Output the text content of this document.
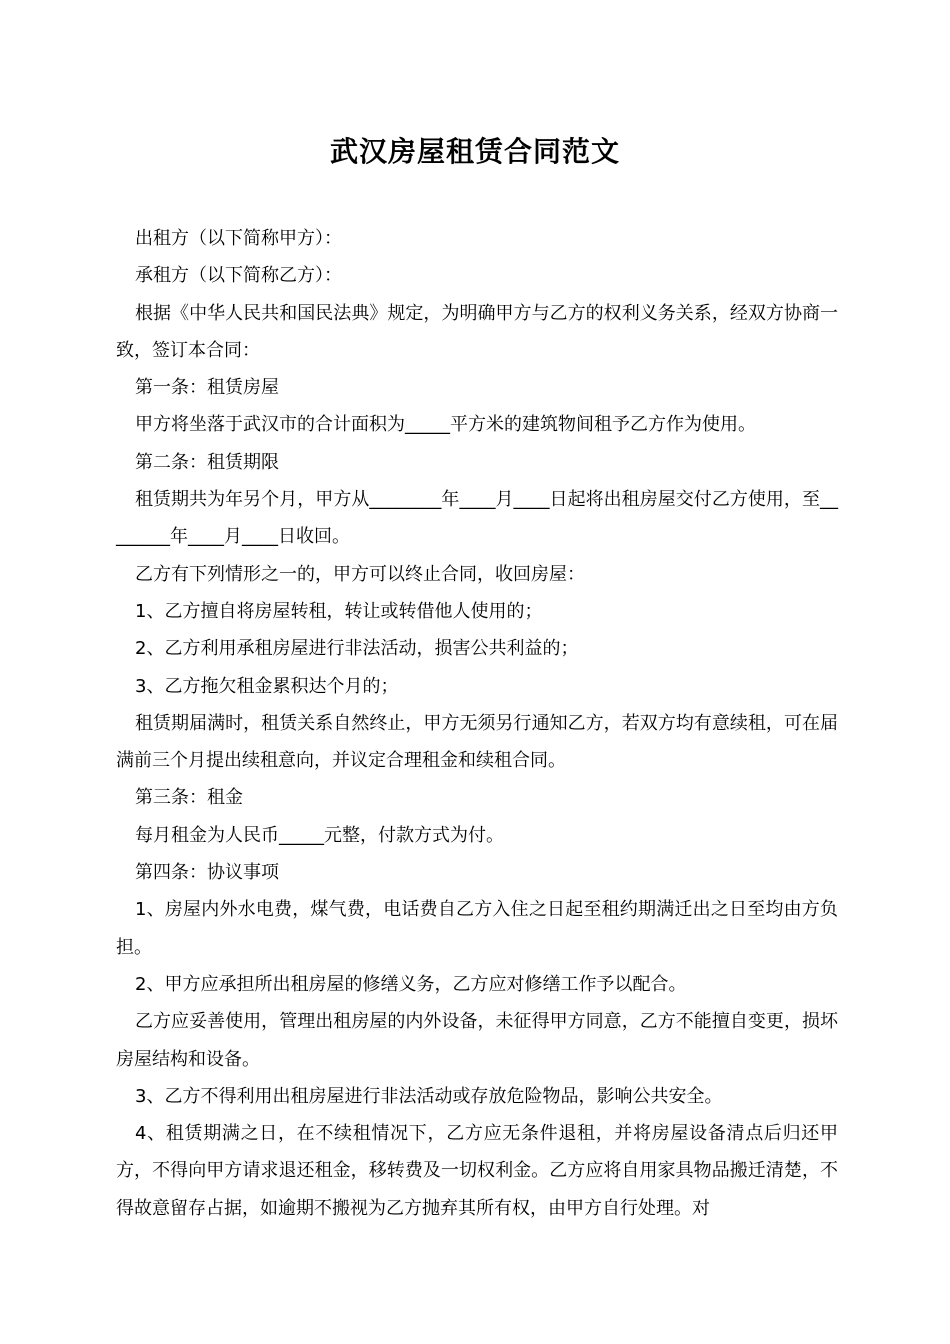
武汉房屋租赁合同范文

出租方（以下简称甲方）：

承租方（以下简称乙方）：

根据《中华人民共和国民法典》规定，为明确甲方与乙方的权利义务关系，经双方协商一致，签订本合同：

第一条：租赁房屋

甲方将坐落于武汉市的合计面积为_____平方米的建筑物间租予乙方作为使用。

第二条：租赁期限

租赁期共为年另个月，甲方从________年____月____日起将出租房屋交付乙方使用，至________年____月____日收回。

乙方有下列情形之一的，甲方可以终止合同，收回房屋：

1、乙方擅自将房屋转租，转让或转借他人使用的；

2、乙方利用承租房屋进行非法活动，损害公共利益的；

3、乙方拖欠租金累积达个月的；

租赁期届满时，租赁关系自然终止，甲方无须另行通知乙方，若双方均有意续租，可在届满前三个月提出续租意向，并议定合理租金和续租合同。

第三条：租金

每月租金为人民币_____元整，付款方式为付。

第四条：协议事项

1、房屋内外水电费，煤气费，电话费自乙方入住之日起至租约期满迁出之日至均由方负担。

2、甲方应承担所出租房屋的修缮义务，乙方应对修缮工作予以配合。

乙方应妥善使用，管理出租房屋的内外设备，未征得甲方同意，乙方不能擅自变更，损坏房屋结构和设备。

3、乙方不得利用出租房屋进行非法活动或存放危险物品，影响公共安全。

4、租赁期满之日，在不续租情况下，乙方应无条件退租，并将房屋设备清点后归还甲方，不得向甲方请求退还租金，移转费及一切权利金。乙方应将自用家具物品搬迁清楚，不得故意留存占据，如逾期不搬视为乙方抛弃其所有权，由甲方自行处理。对
